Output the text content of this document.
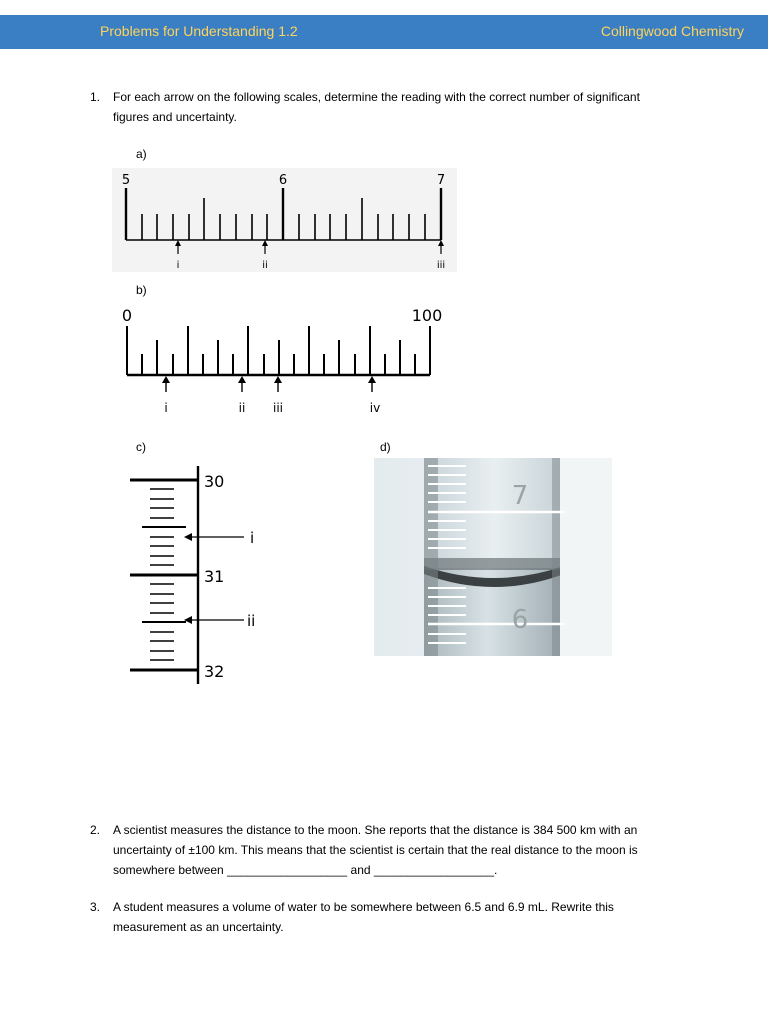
Problems for Understanding 1.2	Collingwood Chemistry
1. For each arrow on the following scales, determine the reading with the correct number of significant figures and uncertainty.
a)
5	6	7
i	ii	iii
b)
0	100
i	ii iii	iv
c)
30
31
32
i
ii
d)
7
6
2. A scientist measures the distance to the moon. She reports that the distance is 384 500 km with an uncertainty of ±100 km. This means that the scientist is certain that the real distance to the moon is somewhere between __________________ and __________________.
3. A student measures a volume of water to be somewhere between 6.5 and 6.9 mL. Rewrite this measurement as an uncertainty.
